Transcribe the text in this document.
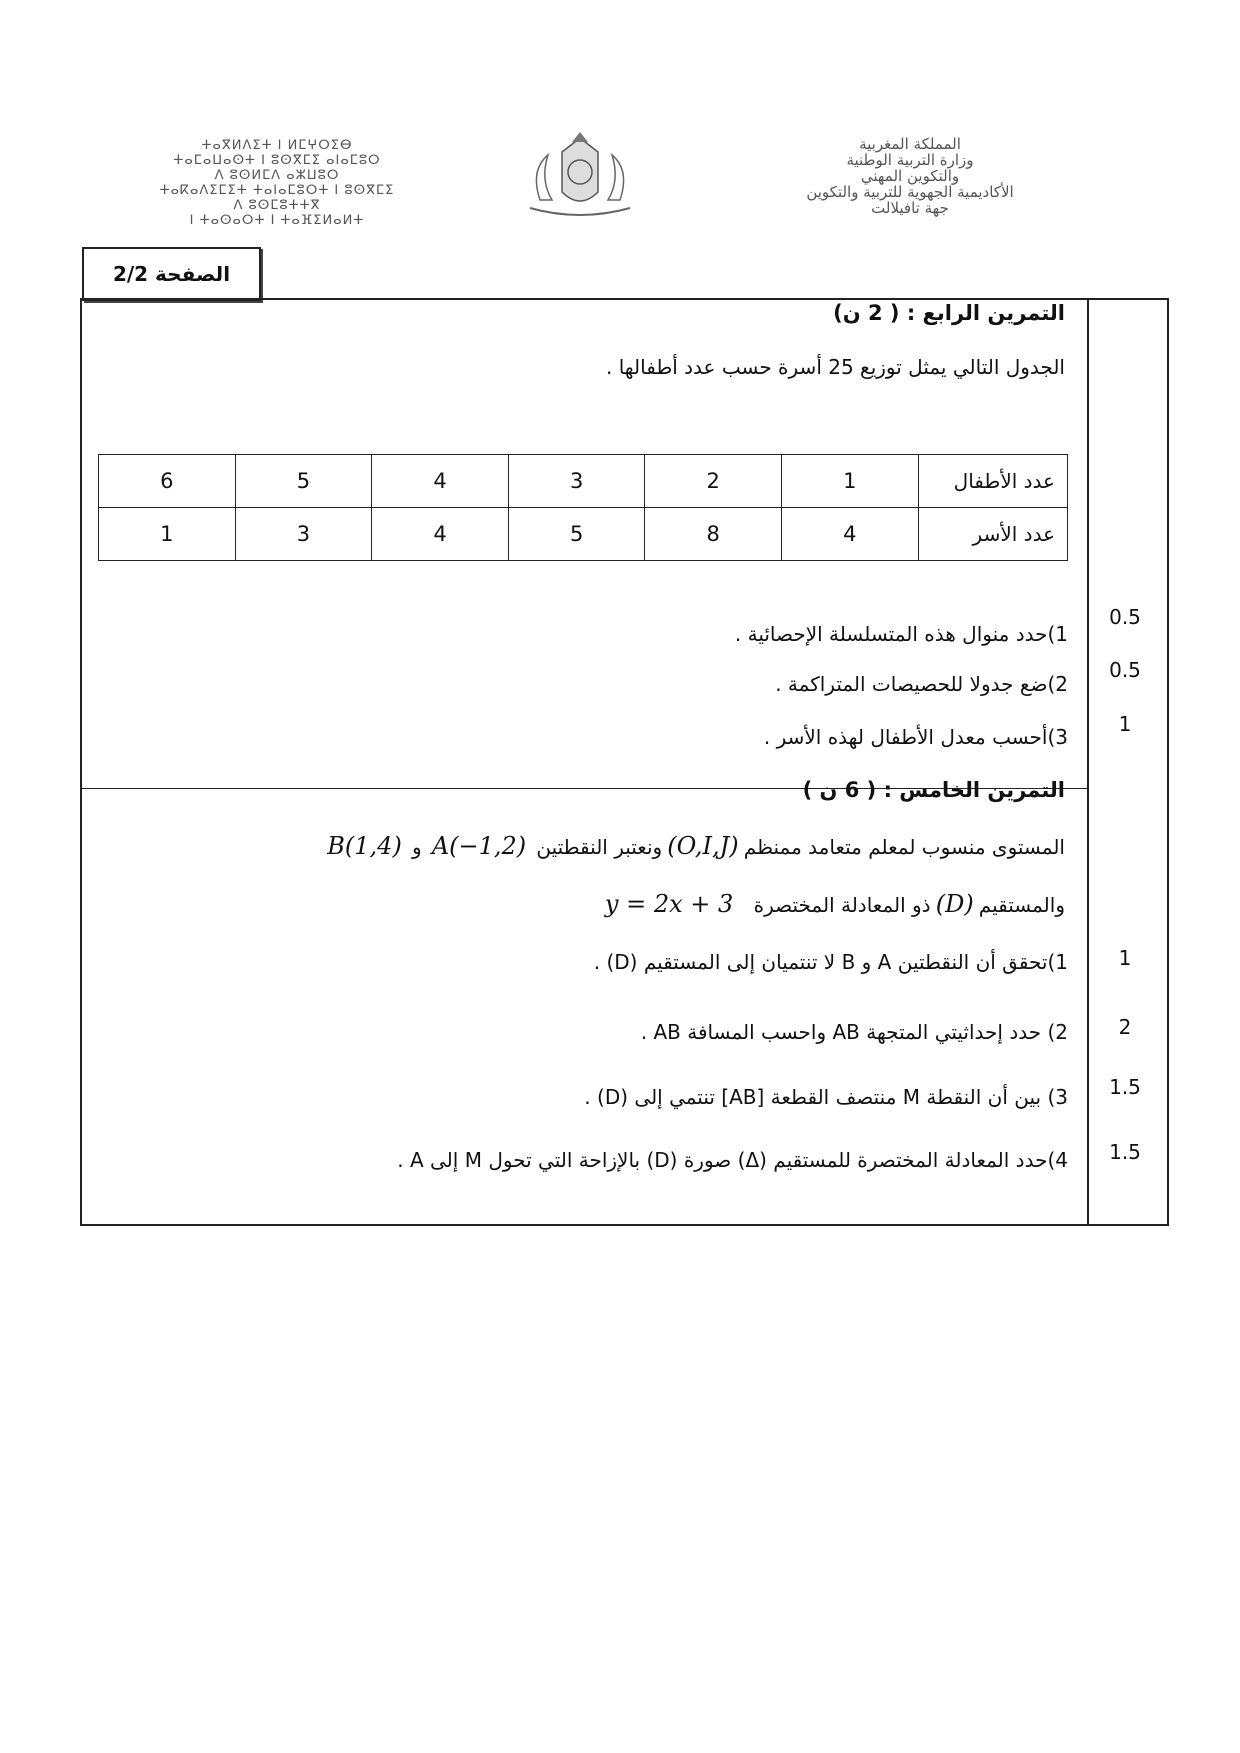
ⵜⴰⴳⵍⴷⵉⵜ ⵏ ⵍⵎⵖⵔⵉⴱ
ⵜⴰⵎⴰⵡⴰⵙⵜ ⵏ ⵓⵙⴳⵎⵉ ⴰⵏⴰⵎⵓⵔ
ⴷ ⵓⵙⵍⵎⴷ ⴰⵣⵡⵓⵔ
ⵜⴰⴽⴰⴷⵉⵎⵉⵜ ⵜⴰⵏⴰⵎⵓⵔⵜ ⵏ ⵓⵙⴳⵎⵉ
ⴷ ⵓⵙⵎⵓⵜⵜⴳ
ⵏ ⵜⴰⵙⴰⵔⵜ ⵏ ⵜⴰⴼⵉⵍⴰⵍⵜ
المملكة المغربية
وزارة التربية الوطنية
والتكوين المهني
الأكاديمية الجهوية للتربية والتكوين
جهة تافيلالت
الصفحة 2/2
التمرين الرابع : ( 2 ن)
الجدول التالي يمثل توزيع 25 أسرة حسب عدد أطفالها .
عدد الأطفال	1	2	3	4	5	6
عدد الأسر	4	8	5	4	3	1
0.5
1)حدد منوال هذه المتسلسلة الإحصائية .
0.5
2)ضع جدولا للحصيصات المتراكمة .
1
3)أحسب معدل الأطفال لهذه الأسر .
التمرين الخامس : ( 6 ن )
المستوى منسوب لمعلم متعامد ممنظم (O,I,J) ونعتبر النقطتين  A(−1,2)  و  B(1,4)
والمستقيم (D) ذو المعادلة المختصرة    y = 2x + 3
1
1)تحقق أن النقطتين A و B لا تنتميان إلى المستقيم (D) .
2
2) حدد إحداثيتي المتجهة AB واحسب المسافة AB .
1.5
3) بين أن النقطة M منتصف القطعة [AB] تنتمي إلى (D) .
1.5
4)حدد المعادلة المختصرة للمستقيم (Δ) صورة (D) بالإزاحة التي تحول M إلى A .
